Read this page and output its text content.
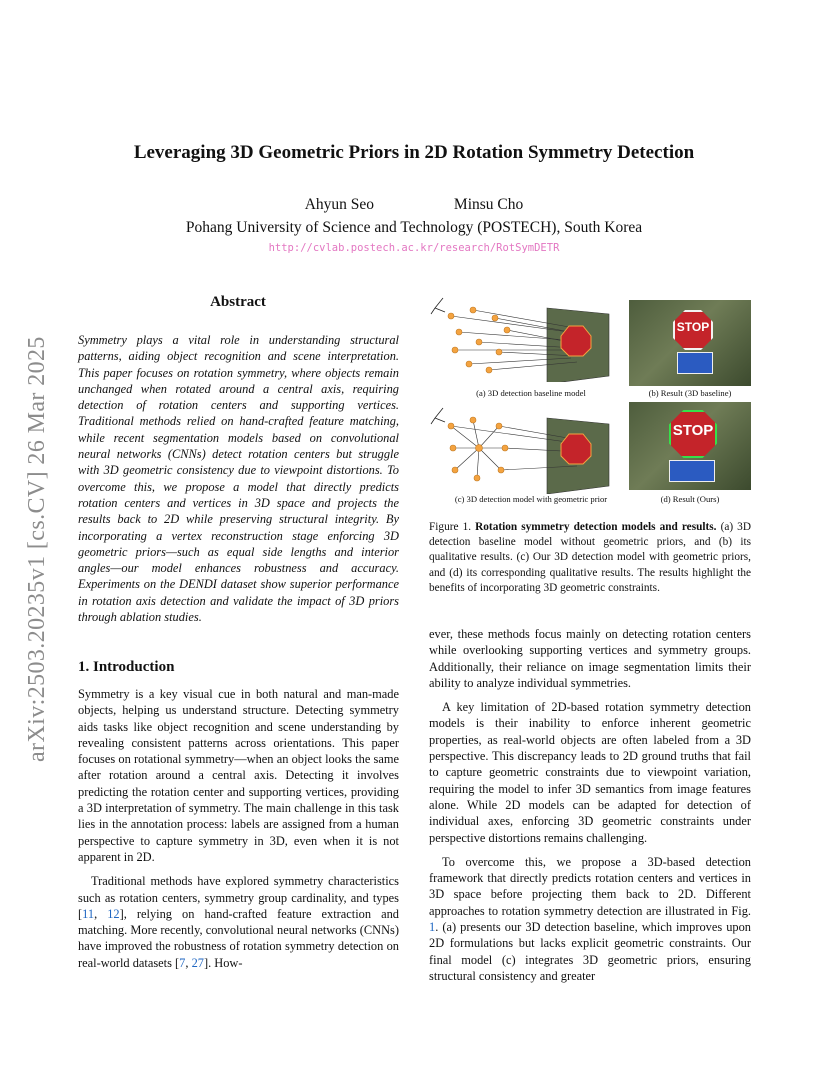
arXiv:2503.20235v1 [cs.CV] 26 Mar 2025
Leveraging 3D Geometric Priors in 2D Rotation Symmetry Detection
Ahyun Seo	Minsu Cho
Pohang University of Science and Technology (POSTECH), South Korea
http://cvlab.postech.ac.kr/research/RotSymDETR
Abstract
Symmetry plays a vital role in understanding structural patterns, aiding object recognition and scene interpretation. This paper focuses on rotation symmetry, where objects remain unchanged when rotated around a central axis, requiring detection of rotation centers and supporting vertices. Traditional methods relied on hand-crafted feature matching, while recent segmentation models based on convolutional neural networks (CNNs) detect rotation centers but struggle with 3D geometric consistency due to viewpoint distortions. To overcome this, we propose a model that directly predicts rotation centers and vertices in 3D space and projects the results back to 2D while preserving structural integrity. By incorporating a vertex reconstruction stage enforcing 3D geometric priors—such as equal side lengths and interior angles—our model enhances robustness and accuracy. Experiments on the DENDI dataset show superior performance in rotation axis detection and validate the impact of 3D priors through ablation studies.
1. Introduction

Symmetry is a key visual cue in both natural and man-made objects, helping us understand structure. Detecting symmetry aids tasks like object recognition and scene understanding by revealing consistent patterns across orientations. This paper focuses on rotational symmetry—when an object looks the same after rotation around a central axis. Detecting it involves predicting the rotation center and supporting vertices, providing a 3D interpretation of symmetry. The main challenge in this task lies in the annotation process: labels are assigned from a human perspective to capture symmetry in 3D, even when it is not apparent in 2D.

Traditional methods have explored symmetry characteristics such as rotation centers, symmetry group cardinality, and types [11, 12], relying on hand-crafted feature extraction and matching. More recently, convolutional neural networks (CNNs) have improved the robustness of rotation symmetry detection on real-world datasets [7, 27]. How-

(a) 3D detection baseline model
STOP
(b) Result (3D baseline)
(c) 3D detection model with geometric prior
STOP
(d) Result (Ours)
Figure 1. Rotation symmetry detection models and results. (a) 3D detection baseline model without geometric priors, and (b) its qualitative results. (c) Our 3D detection model with geometric priors, and (d) its corresponding qualitative results. The results highlight the benefits of incorporating 3D geometric constraints.

ever, these methods focus mainly on detecting rotation centers while overlooking supporting vertices and symmetry groups. Additionally, their reliance on image segmentation limits their ability to analyze individual symmetries.

A key limitation of 2D-based rotation symmetry detection models is their inability to enforce inherent geometric properties, as real-world objects are often labeled from a 3D perspective. This discrepancy leads to 2D ground truths that fail to capture geometric constraints due to viewpoint variation, requiring the model to infer 3D semantics from image features alone. While 2D models can be adapted for detection of individual axes, enforcing 3D geometric constraints under perspective distortions remains challenging.

To overcome this, we propose a 3D-based detection framework that directly predicts rotation centers and vertices in 3D space before projecting them back to 2D. Different approaches to rotation symmetry detection are illustrated in Fig. 1. (a) presents our 3D detection baseline, which improves upon 2D formulations but lacks explicit geometric constraints. Our final model (c) integrates 3D geometric priors, ensuring structural consistency and greater
